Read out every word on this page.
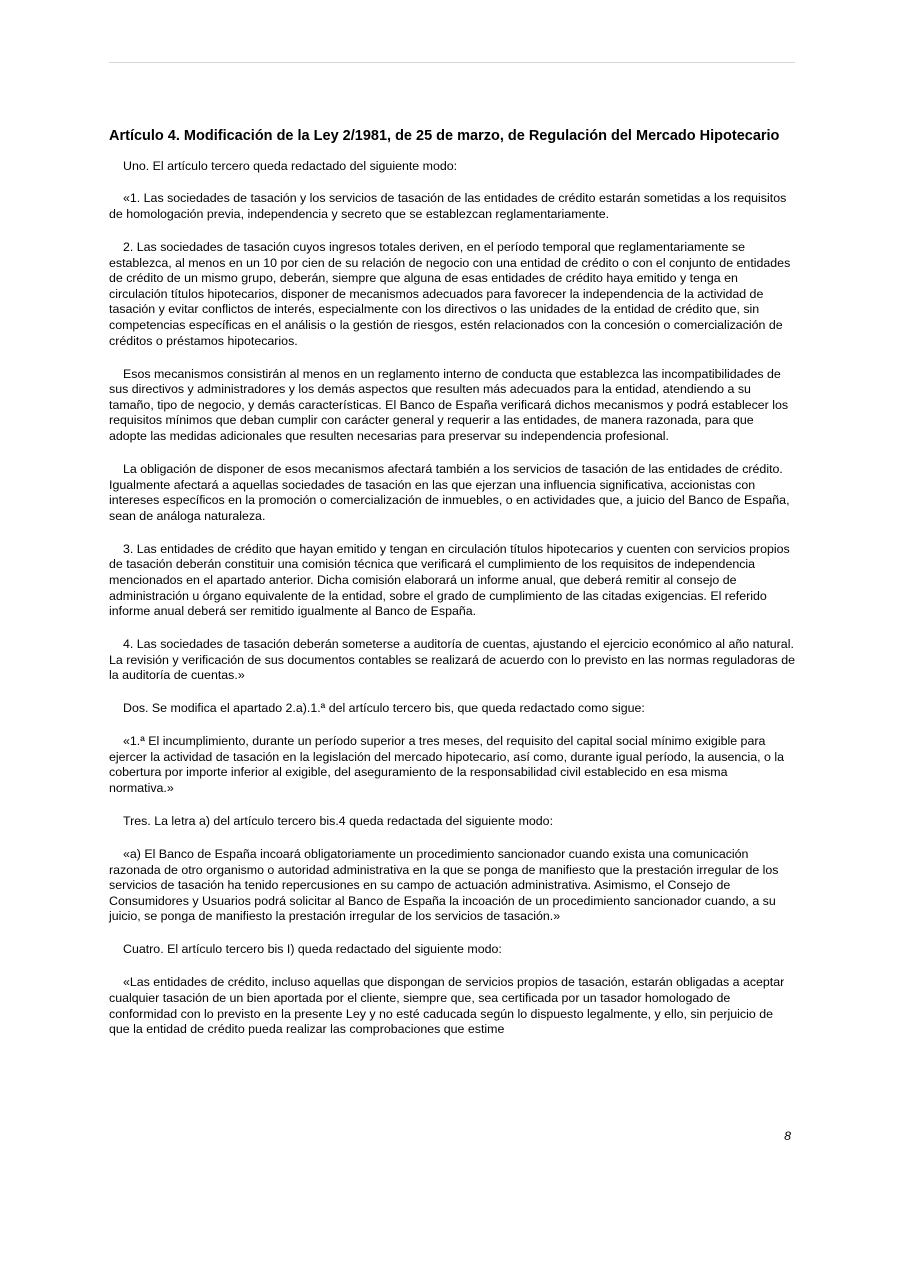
Artículo 4. Modificación de la Ley 2/1981, de 25 de marzo, de Regulación del Mercado Hipotecario

Uno. El artículo tercero queda redactado del siguiente modo:

«1. Las sociedades de tasación y los servicios de tasación de las entidades de crédito estarán sometidas a los requisitos de homologación previa, independencia y secreto que se establezcan reglamentariamente.

2. Las sociedades de tasación cuyos ingresos totales deriven, en el período temporal que reglamentariamente se establezca, al menos en un 10 por cien de su relación de negocio con una entidad de crédito o con el conjunto de entidades de crédito de un mismo grupo, deberán, siempre que alguna de esas entidades de crédito haya emitido y tenga en circulación títulos hipotecarios, disponer de mecanismos adecuados para favorecer la independencia de la actividad de tasación y evitar conflictos de interés, especialmente con los directivos o las unidades de la entidad de crédito que, sin competencias específicas en el análisis o la gestión de riesgos, estén relacionados con la concesión o comercialización de créditos o préstamos hipotecarios.

Esos mecanismos consistirán al menos en un reglamento interno de conducta que establezca las incompatibilidades de sus directivos y administradores y los demás aspectos que resulten más adecuados para la entidad, atendiendo a su tamaño, tipo de negocio, y demás características. El Banco de España verificará dichos mecanismos y podrá establecer los requisitos mínimos que deban cumplir con carácter general y requerir a las entidades, de manera razonada, para que adopte las medidas adicionales que resulten necesarias para preservar su independencia profesional.

La obligación de disponer de esos mecanismos afectará también a los servicios de tasación de las entidades de crédito. Igualmente afectará a aquellas sociedades de tasación en las que ejerzan una influencia significativa, accionistas con intereses específicos en la promoción o comercialización de inmuebles, o en actividades que, a juicio del Banco de España, sean de análoga naturaleza.

3. Las entidades de crédito que hayan emitido y tengan en circulación títulos hipotecarios y cuenten con servicios propios de tasación deberán constituir una comisión técnica que verificará el cumplimiento de los requisitos de independencia mencionados en el apartado anterior. Dicha comisión elaborará un informe anual, que deberá remitir al consejo de administración u órgano equivalente de la entidad, sobre el grado de cumplimiento de las citadas exigencias. El referido informe anual deberá ser remitido igualmente al Banco de España.

4. Las sociedades de tasación deberán someterse a auditoría de cuentas, ajustando el ejercicio económico al año natural. La revisión y verificación de sus documentos contables se realizará de acuerdo con lo previsto en las normas reguladoras de la auditoría de cuentas.»

Dos. Se modifica el apartado 2.a).1.ª del artículo tercero bis, que queda redactado como sigue:

«1.ª El incumplimiento, durante un período superior a tres meses, del requisito del capital social mínimo exigible para ejercer la actividad de tasación en la legislación del mercado hipotecario, así como, durante igual período, la ausencia, o la cobertura por importe inferior al exigible, del aseguramiento de la responsabilidad civil establecido en esa misma normativa.»

Tres. La letra a) del artículo tercero bis.4 queda redactada del siguiente modo:

«a) El Banco de España incoará obligatoriamente un procedimiento sancionador cuando exista una comunicación razonada de otro organismo o autoridad administrativa en la que se ponga de manifiesto que la prestación irregular de los servicios de tasación ha tenido repercusiones en su campo de actuación administrativa. Asimismo, el Consejo de Consumidores y Usuarios podrá solicitar al Banco de España la incoación de un procedimiento sancionador cuando, a su juicio, se ponga de manifiesto la prestación irregular de los servicios de tasación.»

Cuatro. El artículo tercero bis I) queda redactado del siguiente modo:

«Las entidades de crédito, incluso aquellas que dispongan de servicios propios de tasación, estarán obligadas a aceptar cualquier tasación de un bien aportada por el cliente, siempre que, sea certificada por un tasador homologado de conformidad con lo previsto en la presente Ley y no esté caducada según lo dispuesto legalmente, y ello, sin perjuicio de que la entidad de crédito pueda realizar las comprobaciones que estime

8
